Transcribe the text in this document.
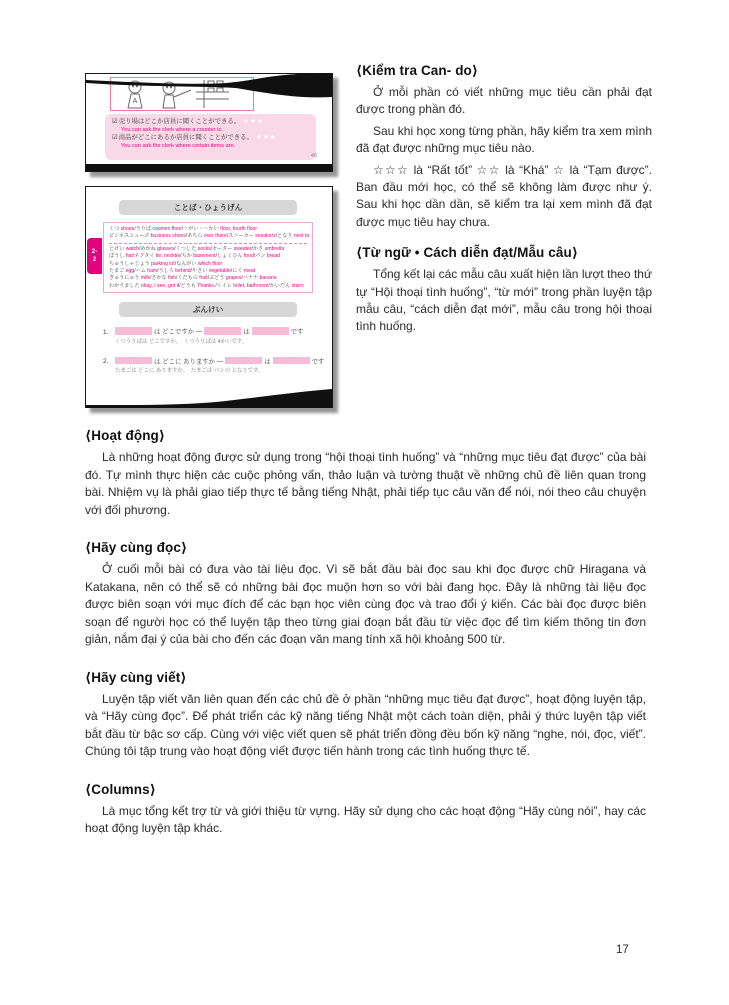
A
☑売り場はどこか店員に聞くことができる。 ★★★
You can ask the clerk where a counter is.
☑商品がどこにあるか店員に聞くことができる。 ★★★
You can ask the clerk where certain items are.
49
ことば・ひょうげん
くつ shoes/うりば counter, floor/〜がい・〜かい floor, fourth floor
ビジネスシューズ business shoes/あちら over there/スニーカー sneakers/となり next to
とけい watch/めがね glasses/くつした socks/セーター sweater/かさ umbrella
ぼうし hat/ネクタイ tie, necktie/ちか basement/しょくひん food/パン bread
ちゅうしゃじょう parking lot/なんがい which floor
たまご egg/ハム ham/うしろ behind/やさい vegetable/にく meat
ぎゅうにゅう milk/さかな fish/くだもの fruit/ぶどう grapes/バナナ banana
わかりました okay, I see, got it/どうも Thanks./トイレ toilet, bathroom/かいだん stairs
2-2
ぶんけい
1.	は どこですか —	は	です
くつうりばは どこですか。　くつうりばは 4かいです。
2.	は どこに ありますか —	は	です
たまごは どこに ありますか。　たまごは パンの となりです。
⟨Kiểm tra Can- do⟩

Ở mỗi phần có viết những mục tiêu cần phải đạt được trong phần đó.

Sau khi học xong từng phần, hãy kiểm tra xem mình đã đạt được những mục tiêu nào.

☆☆☆ là “Rất tốt” ☆☆ là “Khá” ☆ là “Tạm được”. Ban đầu mới học, có thể sẽ không làm được như ý. Sau khi học dần dần, sẽ kiểm tra lại xem mình đã đạt được mục tiêu hay chưa.

⟨Từ ngữ • Cách diễn đạt/Mẫu câu⟩

Tổng kết lại các mẫu câu xuất hiện lần lượt theo thứ tự “Hội thoại tình huống”, “từ mới” trong phần luyện tập mẫu câu, “cách diễn đạt mới”, mẫu câu trong hội thoại tình huống.

⟨Hoạt động⟩

Là những hoạt động được sử dụng trong “hội thoại tình huống” và “những mục tiêu đạt được” của bài đó. Tự mình thực hiện các cuộc phỏng vấn, thảo luận và tường thuật về những chủ đề liên quan trong bài. Nhiệm vụ là phải giao tiếp thực tế bằng tiếng Nhật, phải tiếp tục câu văn để nói, nói theo câu chuyện với đối phương.

⟨Hãy cùng đọc⟩

Ở cuối mỗi bài có đưa vào tài liệu đọc. Vì sẽ bắt đầu bài đọc sau khi đọc được chữ Hiragana và Katakana, nên có thể sẽ có những bài đọc muộn hơn so với bài đang học. Đây là những tài liệu đọc được biên soạn với mục đích để các bạn học viên cùng đọc và trao đổi ý kiến. Các bài đọc được biên soạn để người học có thể luyện tập theo từng giai đoạn bắt đầu từ việc đọc để tìm kiếm thông tin đơn giản, nắm đại ý của bài cho đến các đoạn văn mang tính xã hội khoảng 500 từ.

⟨Hãy cùng viết⟩

Luyện tập viết văn liên quan đến các chủ đề ở phần “những mục tiêu đạt được”, hoạt động luyện tập, và “Hãy cùng đọc”. Để phát triển các kỹ năng tiếng Nhật một cách toàn diện, phải ý thức luyện tập viết bắt đầu từ bậc sơ cấp. Cùng với việc viết quen sẽ phát triển đồng đều bốn kỹ năng “nghe, nói, đọc, viết”. Chúng tôi tập trung vào hoạt động viết được tiến hành trong các tình huống thực tế.

⟨Columns⟩

Là mục tổng kết trợ từ và giới thiệu từ vựng. Hãy sử dụng cho các hoạt động “Hãy cùng nói”, hay các hoạt động luyện tập khác.

17
